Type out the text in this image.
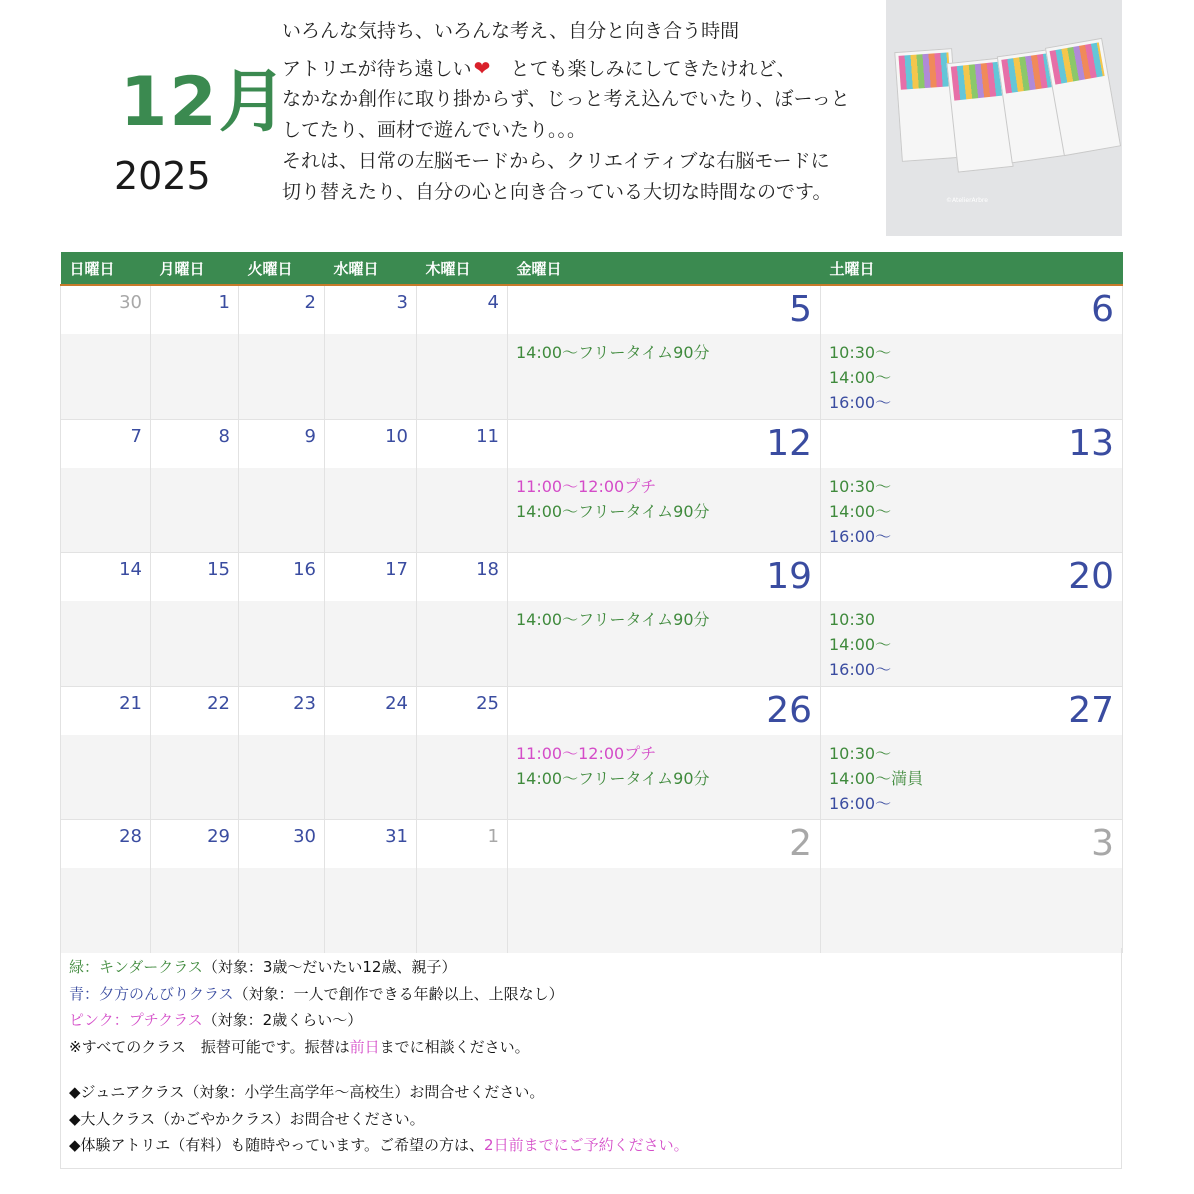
12月
2025
いろんな気持ち、いろんな考え、自分と向き合う時間
アトリエが待ち遠しい ❤ とても楽しみにしてきたけれど、
なかなか創作に取り掛からず、じっと考え込んでいたり、ぼーっと
してたり、画材で遊んでいたり。。。
それは、日常の左脳モードから、クリエイティブな右脳モードに
切り替えたり、自分の心と向き合っている大切な時間なのです。	©AtelierArbre
日曜日	月曜日	火曜日	水曜日	木曜日	金曜日	土曜日
30	1	2	3	4	5	6

					14:00〜フリータイム90分	10:30〜
14:00〜
16:00〜

7	8	9	10	11	12	13

					11:00〜12:00プチ
14:00〜フリータイム90分	10:30〜
14:00〜
16:00〜

14	15	16	17	18	19	20

					14:00〜フリータイム90分	10:30
14:00〜
16:00〜

21	22	23	24	25	26	27

					11:00〜12:00プチ
14:00〜フリータイム90分	10:30〜
14:00〜満員
16:00〜

28	29	30	31	1	2	3

緑：キンダークラス（対象：3歳〜だいたい12歳、親子）
青：夕方のんびりクラス（対象：一人で創作できる年齢以上、上限なし）
ピンク：プチクラス（対象：2歳くらい〜）
※すべてのクラス　振替可能です。振替は前日までに相談ください。
◆ジュニアクラス（対象：小学生高学年〜高校生）お問合せください。
◆大人クラス（かごやかクラス）お問合せください。
◆体験アトリエ（有料）も随時やっています。ご希望の方は、2日前までにご予約ください。
